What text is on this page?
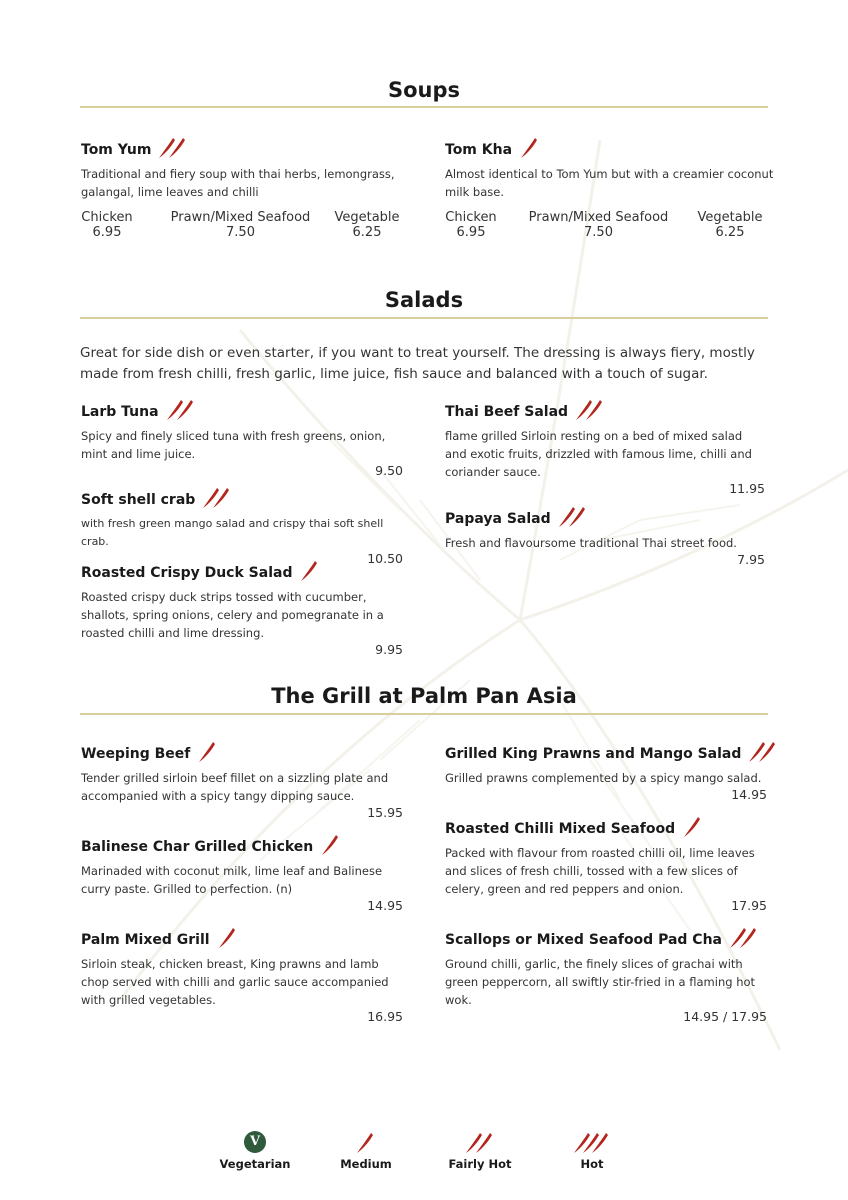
Soups
Tom Yum
Traditional and fiery soup with thai herbs, lemongrass, galangal, lime leaves and chilli
Chicken
6.95
Prawn/Mixed Seafood
7.50
Vegetable
6.25
Tom Kha
Almost identical to Tom Yum but with a creamier coconut milk base.
Chicken
6.95
Prawn/Mixed Seafood
7.50
Vegetable
6.25
Salads
Great for side dish or even starter, if you want to treat yourself. The dressing is always fiery, mostly made from fresh chilli, fresh garlic, lime juice, fish sauce and balanced with a touch of sugar.
Larb Tuna
Spicy and finely sliced tuna with fresh greens, onion, mint and lime juice.
9.50
Soft shell crab
with fresh green mango salad and crispy thai soft shell crab.
10.50
Roasted Crispy Duck Salad
Roasted crispy duck strips tossed with cucumber, shallots, spring onions, celery and pomegranate in a roasted chilli and lime dressing.
9.95
Thai Beef Salad
flame grilled Sirloin resting on a bed of mixed salad and exotic fruits, drizzled with famous lime, chilli and coriander sauce.
11.95
Papaya Salad
Fresh and flavoursome traditional Thai street food.
7.95
The Grill at Palm Pan Asia
Weeping Beef
Tender grilled sirloin beef fillet on a sizzling plate and accompanied with a spicy tangy dipping sauce.
15.95
Balinese Char Grilled Chicken
Marinaded with coconut milk, lime leaf and Balinese curry paste. Grilled to perfection. (n)
14.95
Palm Mixed Grill
Sirloin steak, chicken breast, King prawns and lamb chop served with chilli and garlic sauce accompanied with grilled vegetables.
16.95
Grilled King Prawns and Mango Salad
Grilled prawns complemented by a spicy mango salad.
14.95
Roasted Chilli Mixed Seafood
Packed with flavour from roasted chilli oil, lime leaves and slices of fresh chilli, tossed with a few slices of celery, green and red peppers and onion.
17.95
Scallops or Mixed Seafood Pad Cha
Ground chilli, garlic, the finely slices of grachai with green peppercorn, all swiftly stir-fried in a flaming hot wok.
14.95 / 17.95
V
Vegetarian	Medium	Fairly Hot	Hot
